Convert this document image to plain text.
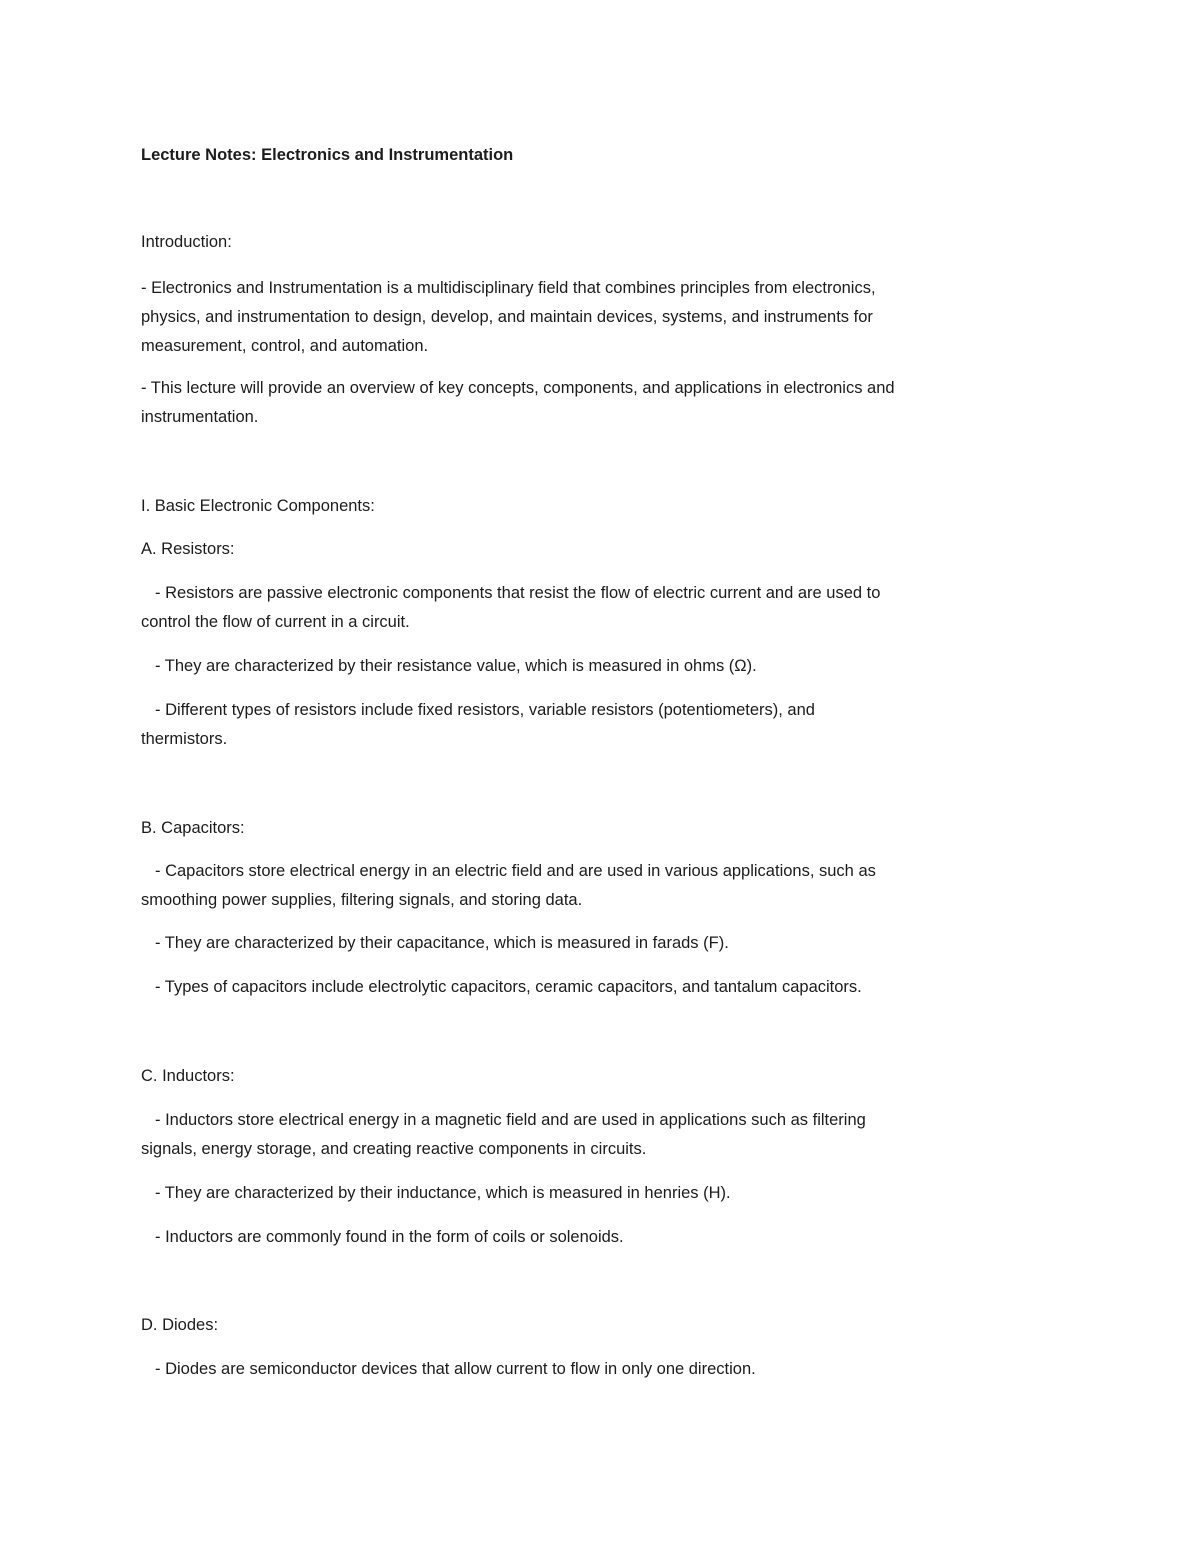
Lecture Notes: Electronics and Instrumentation
Introduction:
- Electronics and Instrumentation is a multidisciplinary field that combines principles from electronics,
physics, and instrumentation to design, develop, and maintain devices, systems, and instruments for
measurement, control, and automation.
- This lecture will provide an overview of key concepts, components, and applications in electronics and
instrumentation.
I. Basic Electronic Components:
A. Resistors:
- Resistors are passive electronic components that resist the flow of electric current and are used to
control the flow of current in a circuit.
- They are characterized by their resistance value, which is measured in ohms (Ω).
- Different types of resistors include fixed resistors, variable resistors (potentiometers), and
thermistors.
B. Capacitors:
- Capacitors store electrical energy in an electric field and are used in various applications, such as
smoothing power supplies, filtering signals, and storing data.
- They are characterized by their capacitance, which is measured in farads (F).
- Types of capacitors include electrolytic capacitors, ceramic capacitors, and tantalum capacitors.
C. Inductors:
- Inductors store electrical energy in a magnetic field and are used in applications such as filtering
signals, energy storage, and creating reactive components in circuits.
- They are characterized by their inductance, which is measured in henries (H).
- Inductors are commonly found in the form of coils or solenoids.
D. Diodes:
- Diodes are semiconductor devices that allow current to flow in only one direction.
